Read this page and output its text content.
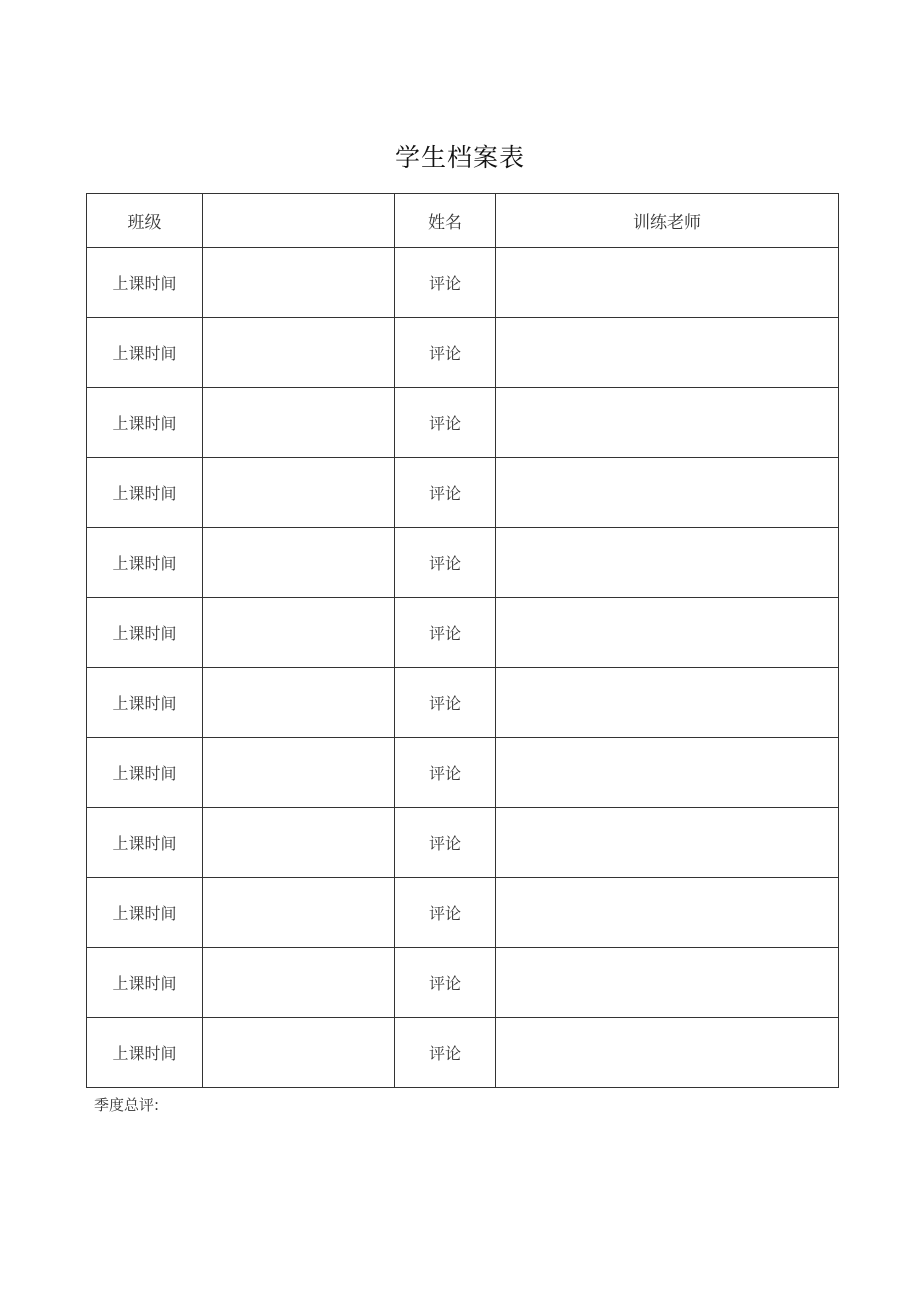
学生档案表
班级		姓名	训练老师
上课时间		评论	
上课时间		评论	
上课时间		评论	
上课时间		评论	
上课时间		评论	
上课时间		评论	
上课时间		评论	
上课时间		评论	
上课时间		评论	
上课时间		评论	
上课时间		评论	
上课时间		评论	
季度总评:
